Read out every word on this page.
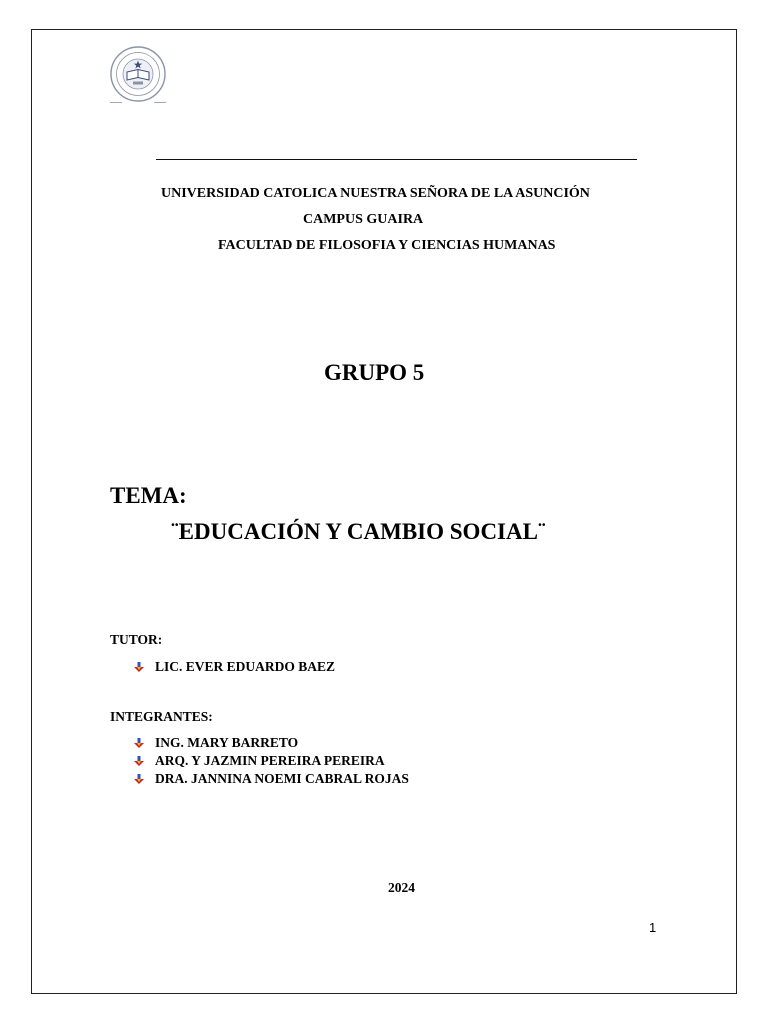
UNIVERSIDAD CATOLICA NUESTRA SEÑORA DE LA ASUNCIÓN
CAMPUS GUAIRA
FACULTAD DE FILOSOFIA Y CIENCIAS HUMANAS
GRUPO 5
TEMA:
¨EDUCACIÓN Y CAMBIO SOCIAL¨
TUTOR:
LIC. EVER EDUARDO BAEZ
INTEGRANTES:
ING. MARY BARRETO
ARQ. Y JAZMIN PEREIRA PEREIRA
DRA. JANNINA NOEMI CABRAL ROJAS
2024
1
